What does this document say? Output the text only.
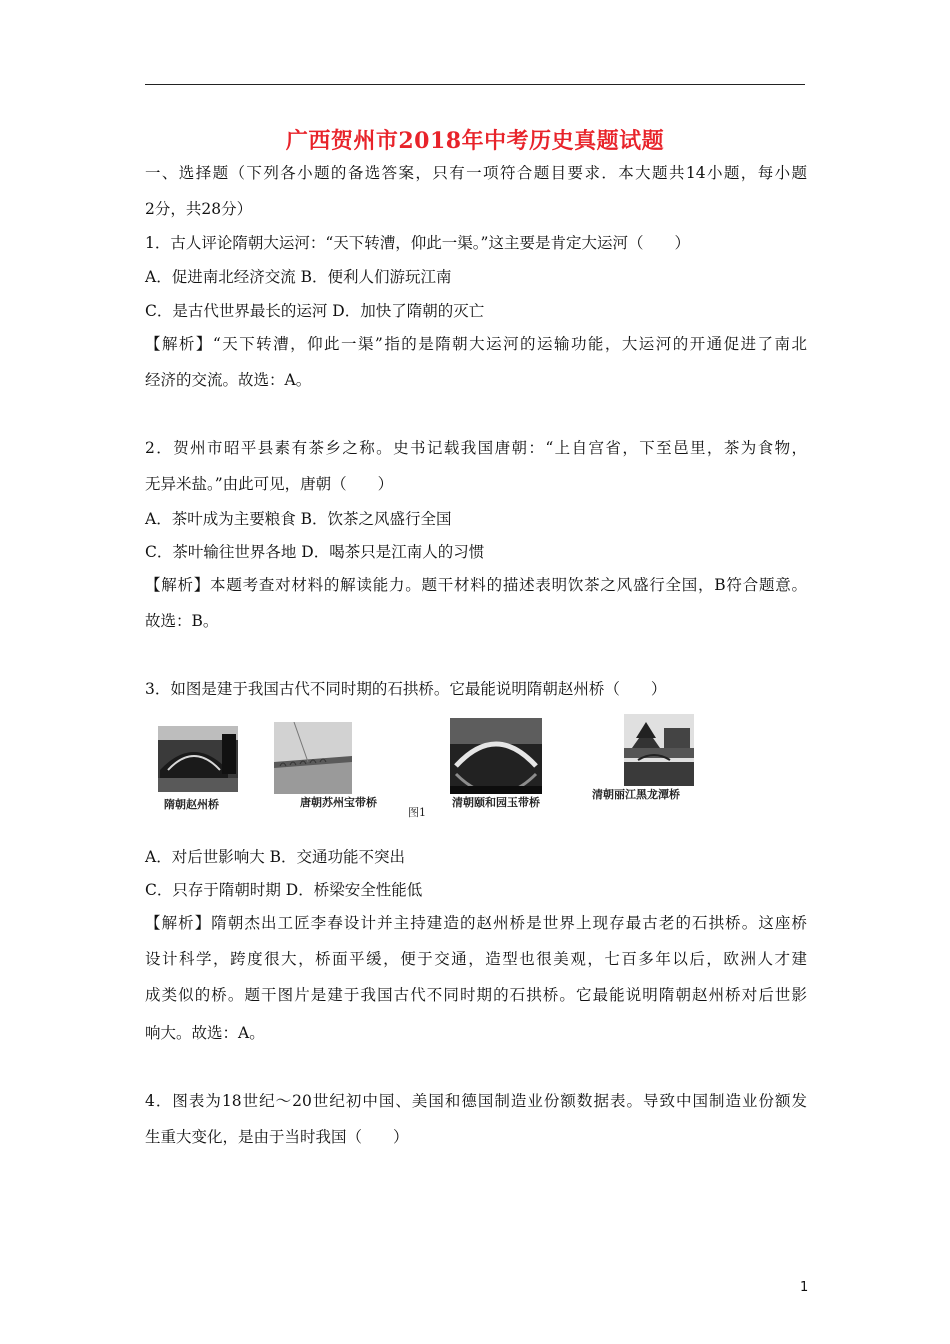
广西贺州市2018年中考历史真题试题
一、选择题（下列各小题的备选答案，只有一项符合题目要求．本大题共14小题，每小题
2分，共28分）
1．古人评论隋朝大运河：“天下转漕，仰此一渠。”这主要是肯定大运河（　　）
A．促进南北经济交流 B．便利人们游玩江南
C．是古代世界最长的运河 D．加快了隋朝的灭亡
【解析】“天下转漕，仰此一渠”指的是隋朝大运河的运输功能，大运河的开通促进了南北
经济的交流。故选：A。
2．贺州市昭平县素有茶乡之称。史书记载我国唐朝：“上自宫省，下至邑里，茶为食物，
无异米盐。”由此可见，唐朝（　　）
A．茶叶成为主要粮食 B．饮茶之风盛行全国
C．茶叶输往世界各地 D．喝茶只是江南人的习惯
【解析】本题考查对材料的解读能力。题干材料的描述表明饮茶之风盛行全国，B符合题意。
故选：B。
3．如图是建于我国古代不同时期的石拱桥。它最能说明隋朝赵州桥（　　）
隋朝赵州桥	唐朝苏州宝带桥	清朝颐和园玉带桥
清朝丽江黑龙潭桥
图1
A．对后世影响大 B．交通功能不突出
C．只存于隋朝时期 D．桥梁安全性能低
【解析】隋朝杰出工匠李春设计并主持建造的赵州桥是世界上现存最古老的石拱桥。这座桥
设计科学，跨度很大，桥面平缓，便于交通，造型也很美观，七百多年以后，欧洲人才建
成类似的桥。题干图片是建于我国古代不同时期的石拱桥。它最能说明隋朝赵州桥对后世影
响大。故选：A。
4．图表为18世纪～20世纪初中国、美国和德国制造业份额数据表。导致中国制造业份额发
生重大变化，是由于当时我国（　　）
1
